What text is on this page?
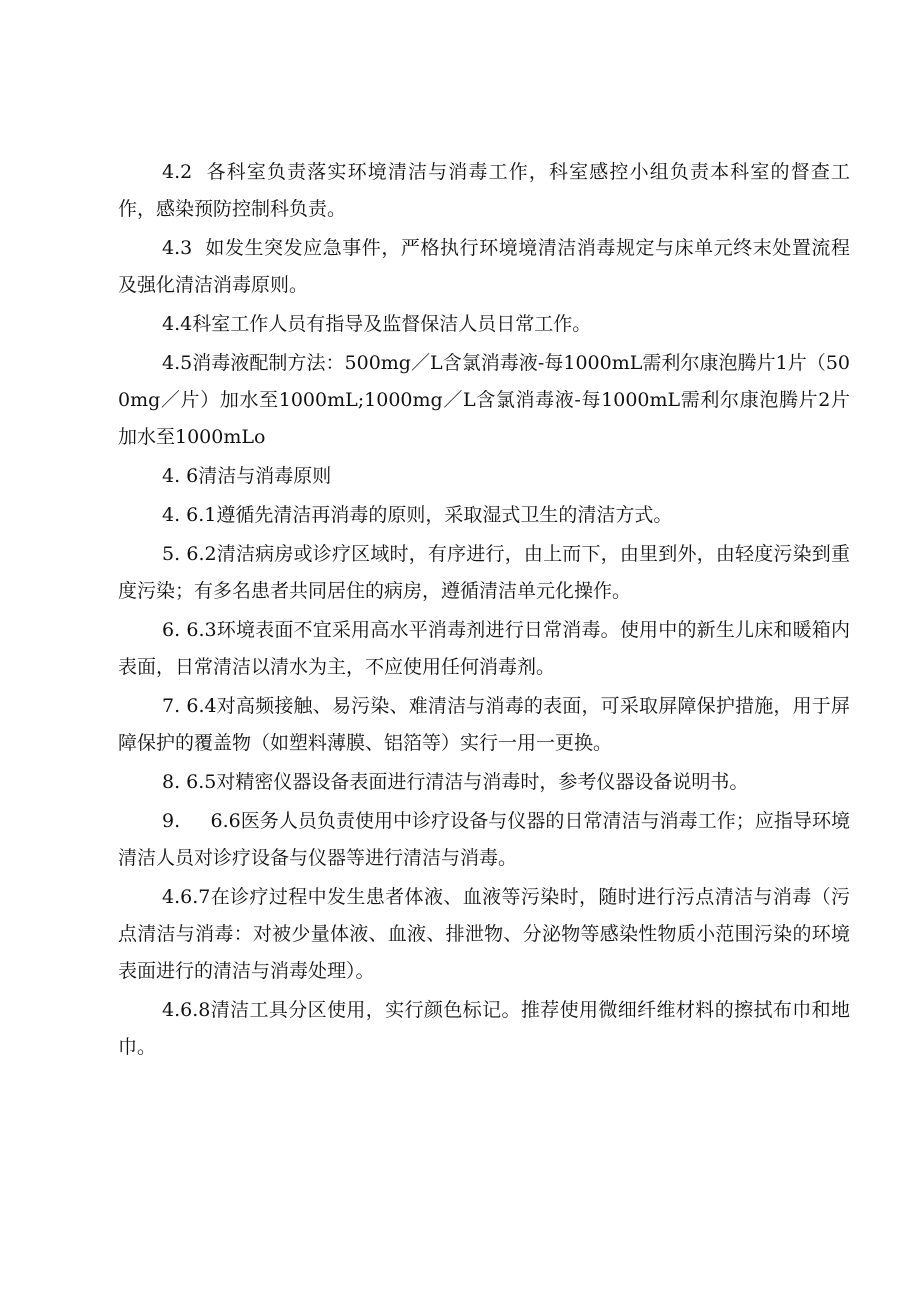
4.2  各科室负责落实环境清洁与消毒工作，科室感控小组负责本科室的督查工作，感染预防控制科负责。

4.3  如发生突发应急事件，严格执行环境境清洁消毒规定与床单元终末处置流程及强化清洁消毒原则。

4.4科室工作人员有指导及监督保洁人员日常工作。

4.5消毒液配制方法：500mg／L含氯消毒液-每1000mL需利尔康泡腾片1片（500mg／片）加水至1000mL;1000mg／L含氯消毒液-每1000mL需利尔康泡腾片2片加水至1000mLo

4. 6清洁与消毒原则

4. 6.1遵循先清洁再消毒的原则，采取湿式卫生的清洁方式。

5. 6.2清洁病房或诊疗区域时，有序进行，由上而下，由里到外，由轻度污染到重度污染；有多名患者共同居住的病房，遵循清洁单元化操作。

6. 6.3环境表面不宜采用高水平消毒剂进行日常消毒。使用中的新生儿床和暖箱内表面，日常清洁以清水为主，不应使用任何消毒剂。

7. 6.4对高频接触、易污染、难清洁与消毒的表面，可采取屏障保护措施，用于屏障保护的覆盖物（如塑料薄膜、铝箔等）实行一用一更换。

8. 6.5对精密仪器设备表面进行清洁与消毒时，参考仪器设备说明书。

9.     6.6医务人员负责使用中诊疗设备与仪器的日常清洁与消毒工作；应指导环境清洁人员对诊疗设备与仪器等进行清洁与消毒。

4.6.7在诊疗过程中发生患者体液、血液等污染时，随时进行污点清洁与消毒（污点清洁与消毒：对被少量体液、血液、排泄物、分泌物等感染性物质小范围污染的环境表面进行的清洁与消毒处理）。

4.6.8清洁工具分区使用，实行颜色标记。推荐使用微细纤维材料的擦拭布巾和地巾。
